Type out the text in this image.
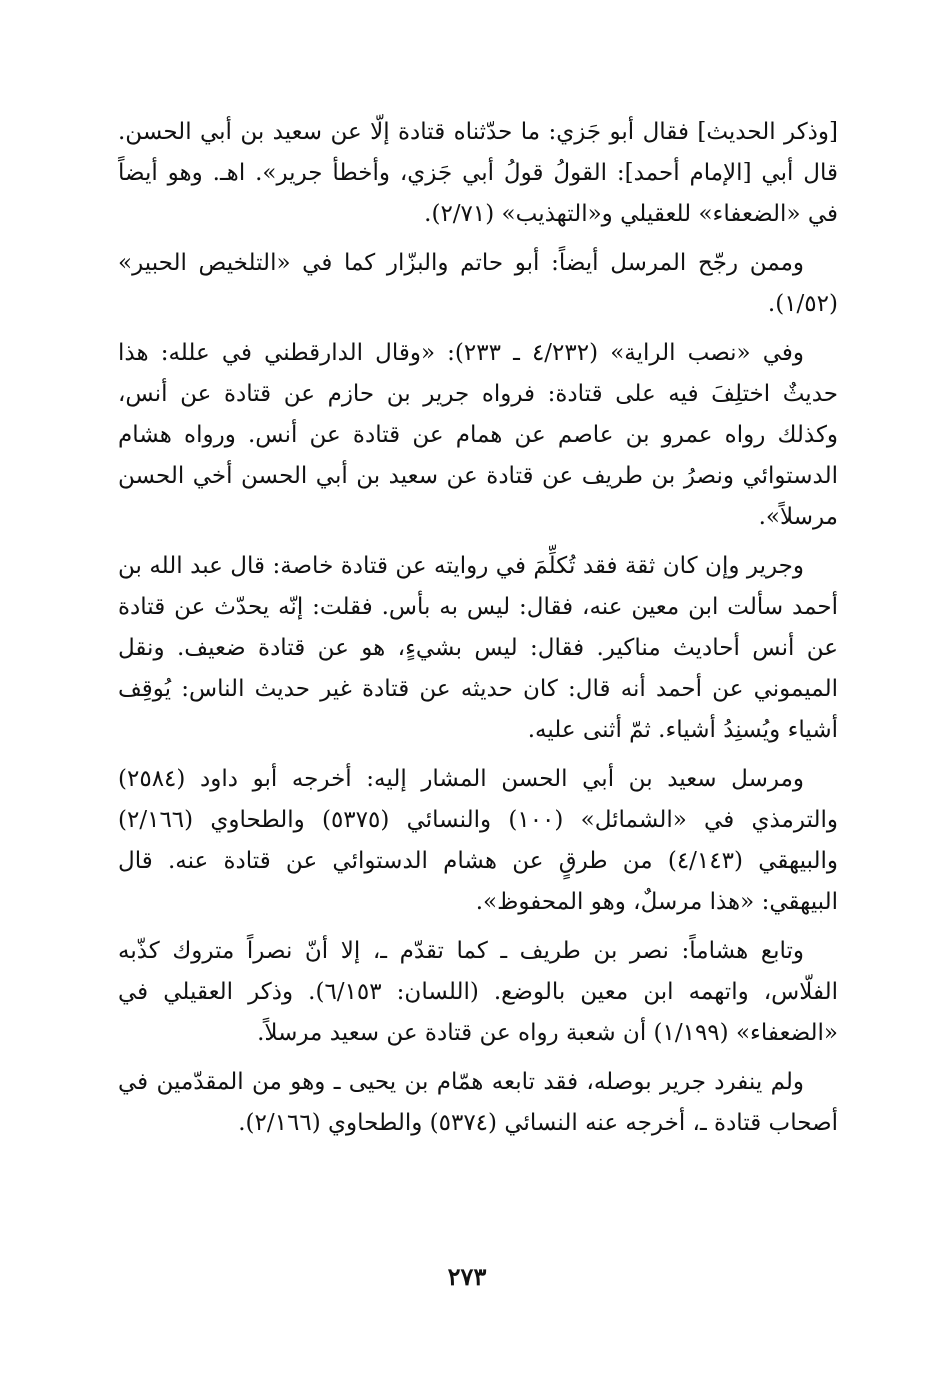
[وذكر الحديث] فقال أبو جَزي: ما حدّثناه قتادة إلّا عن سعيد بن أبي الحسن. قال أبي [الإمام أحمد]: القولُ قولُ أبي جَزي، وأخطأ جرير». اهـ. وهو أيضاً في «الضعفاء» للعقيلي و«التهذيب» (٢/٧١).

وممن رجّح المرسل أيضاً: أبو حاتم والبزّار كما في «التلخيص الحبير» (١/٥٢).

وفي «نصب الراية» (٤/٢٣٢ ـ ٢٣٣): «وقال الدارقطني في علله: هذا حديثٌ اختلِفَ فيه على قتادة: فرواه جرير بن حازم عن قتادة عن أنس، وكذلك رواه عمرو بن عاصم عن همام عن قتادة عن أنس. ورواه هشام الدستوائي ونصرُ بن طريف عن قتادة عن سعيد بن أبي الحسن أخي الحسن مرسلاً».

وجرير وإن كان ثقة فقد تُكلِّمَ في روايته عن قتادة خاصة: قال عبد الله بن أحمد سألت ابن معين عنه، فقال: ليس به بأس. فقلت: إنّه يحدّث عن قتادة عن أنس أحاديث مناكير. فقال: ليس بشيءٍ، هو عن قتادة ضعيف. ونقل الميموني عن أحمد أنه قال: كان حديثه عن قتادة غير حديث الناس: يُوقِف أشياء ويُسنِدُ أشياء. ثمّ أثنى عليه.

ومرسل سعيد بن أبي الحسن المشار إليه: أخرجه أبو داود (٢٥٨٤) والترمذي في «الشمائل» (١٠٠) والنسائي (٥٣٧٥) والطحاوي (٢/١٦٦) والبيهقي (٤/١٤٣) من طرقٍ عن هشام الدستوائي عن قتادة عنه. قال البيهقي: «هذا مرسلٌ، وهو المحفوظ».

وتابع هشاماً: نصر بن طريف ـ كما تقدّم ـ، إلا أنّ نصراً متروك كذّبه الفلّاس، واتهمه ابن معين بالوضع. (اللسان: ٦/١٥٣). وذكر العقيلي في «الضعفاء» (١/١٩٩) أن شعبة رواه عن قتادة عن سعيد مرسلاً.

ولم ينفرد جرير بوصله، فقد تابعه همّام بن يحيى ـ وهو من المقدّمين في أصحاب قتادة ـ، أخرجه عنه النسائي (٥٣٧٤) والطحاوي (٢/١٦٦).

٢٧٣
